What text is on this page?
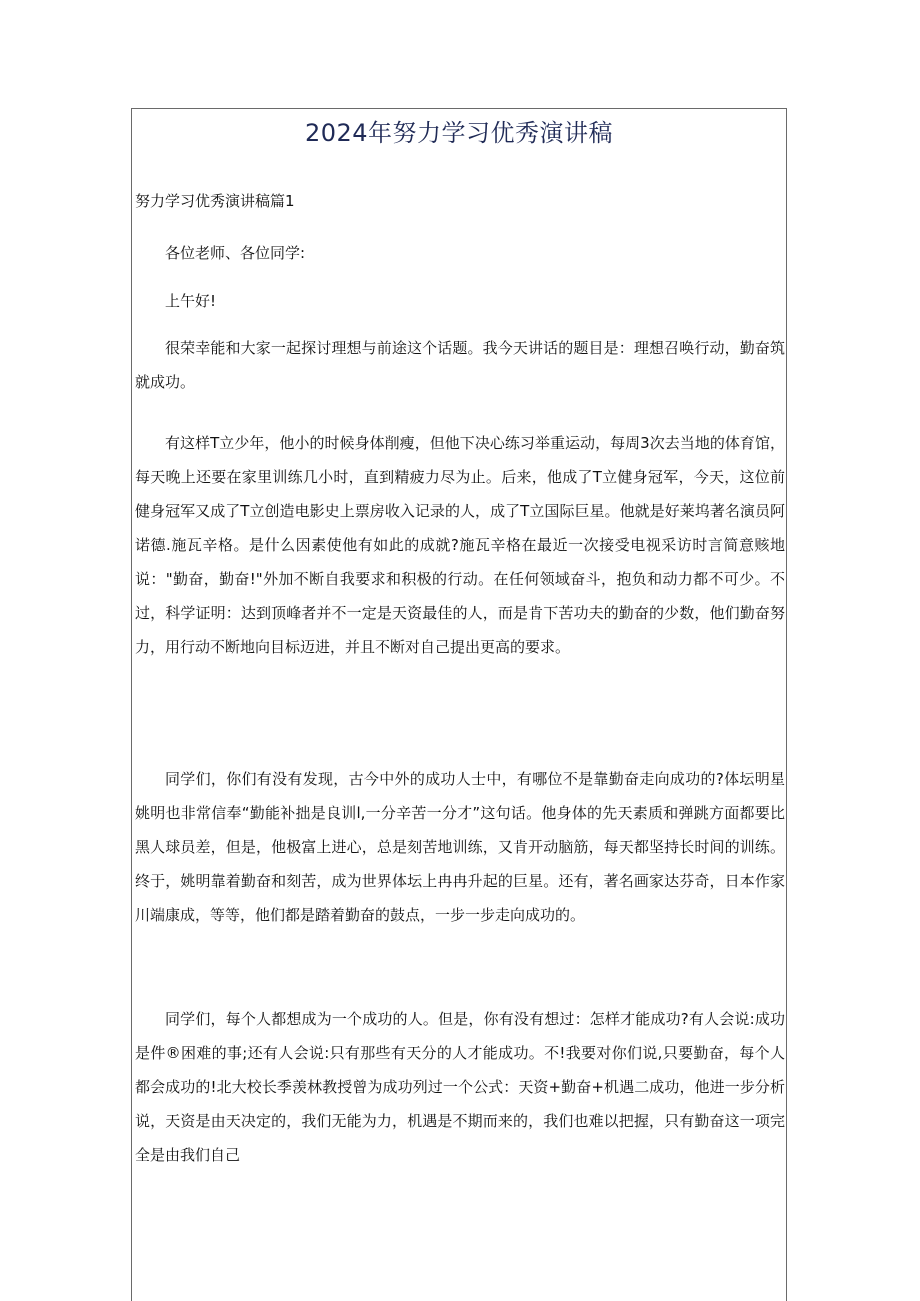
2024年努力学习优秀演讲稿
努力学习优秀演讲稿篇1

各位老师、各位同学:

上午好!

很荣幸能和大家一起探讨理想与前途这个话题。我今天讲话的题目是：理想召唤行动，勤奋筑就成功。

有这样T立少年，他小的时候身体削瘦，但他下决心练习举重运动，每周3次去当地的体育馆，每天晚上还要在家里训练几小时，直到精疲力尽为止。后来，他成了T立健身冠军，今天，这位前健身冠军又成了T立创造电影史上票房收入记录的人，成了T立国际巨星。他就是好莱坞著名演员阿诺德.施瓦辛格。是什么因素使他有如此的成就?施瓦辛格在最近一次接受电视采访时言简意赅地说："勤奋，勤奋!"外加不断自我要求和积极的行动。在任何领域奋斗，抱负和动力都不可少。不过，科学证明：达到顶峰者并不一定是天资最佳的人，而是肯下苦功夫的勤奋的少数，他们勤奋努力，用行动不断地向目标迈进，并且不断对自己提出更高的要求。

同学们，你们有没有发现，古今中外的成功人士中，有哪位不是靠勤奋走向成功的?体坛明星姚明也非常信奉“勤能补拙是良训l,一分辛苦一分才”这句话。他身体的先天素质和弹跳方面都要比黑人球员差，但是，他极富上进心，总是刻苦地训练，又肯开动脑筋，每天都坚持长时间的训练。终于，姚明靠着勤奋和刻苦，成为世界体坛上冉冉升起的巨星。还有，著名画家达芬奇，日本作家川端康成，等等，他们都是踏着勤奋的鼓点，一步一步走向成功的。

同学们，每个人都想成为一个成功的人。但是，你有没有想过：怎样才能成功?有人会说:成功是件®困难的事;还有人会说:只有那些有天分的人才能成功。不!我要对你们说,只要勤奋，每个人都会成功的!北大校长季羡林教授曾为成功列过一个公式：天资+勤奋+机遇二成功，他进一步分析说，天资是由天决定的，我们无能为力，机遇是不期而来的，我们也难以把握，只有勤奋这一项完全是由我们自己
